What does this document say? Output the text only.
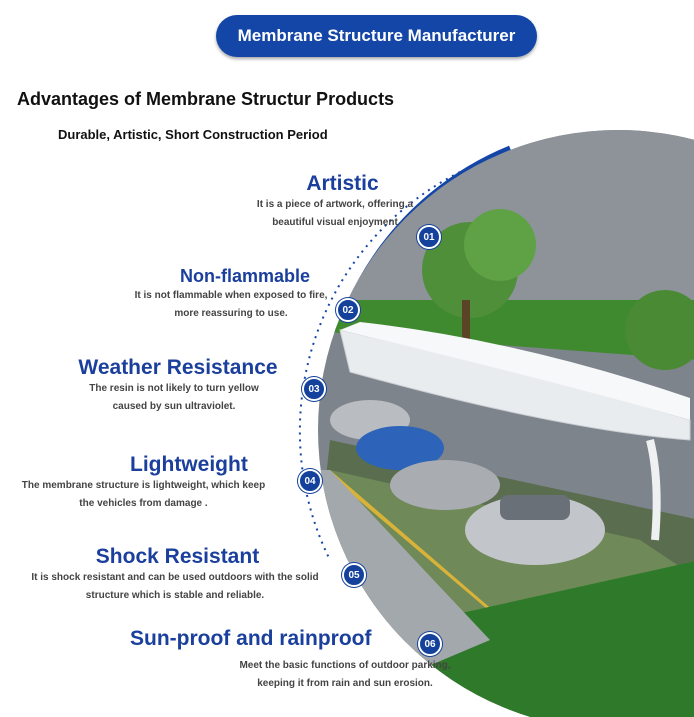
Membrane Structure Manufacturer
Advantages of Membrane Structur Products
Durable, Artistic, Short Construction Period
Artistic
It is a piece of artwork, offering a
beautiful visual enjoyment
01
Non-flammable
It is not flammable when exposed to fire,
more reassuring to use.	02
Weather Resistance
The resin is not likely to turn yellow
caused by sun ultraviolet.
03
Lightweight
The membrane structure is lightweight, which keep
the vehicles from damage .
04
Shock Resistant
It is shock resistant and can be used outdoors with the solid
structure which is stable and reliable.
05
Sun-proof and rainproof
Meet the basic functions of outdoor parking,
keeping it from rain and sun erosion.
06
